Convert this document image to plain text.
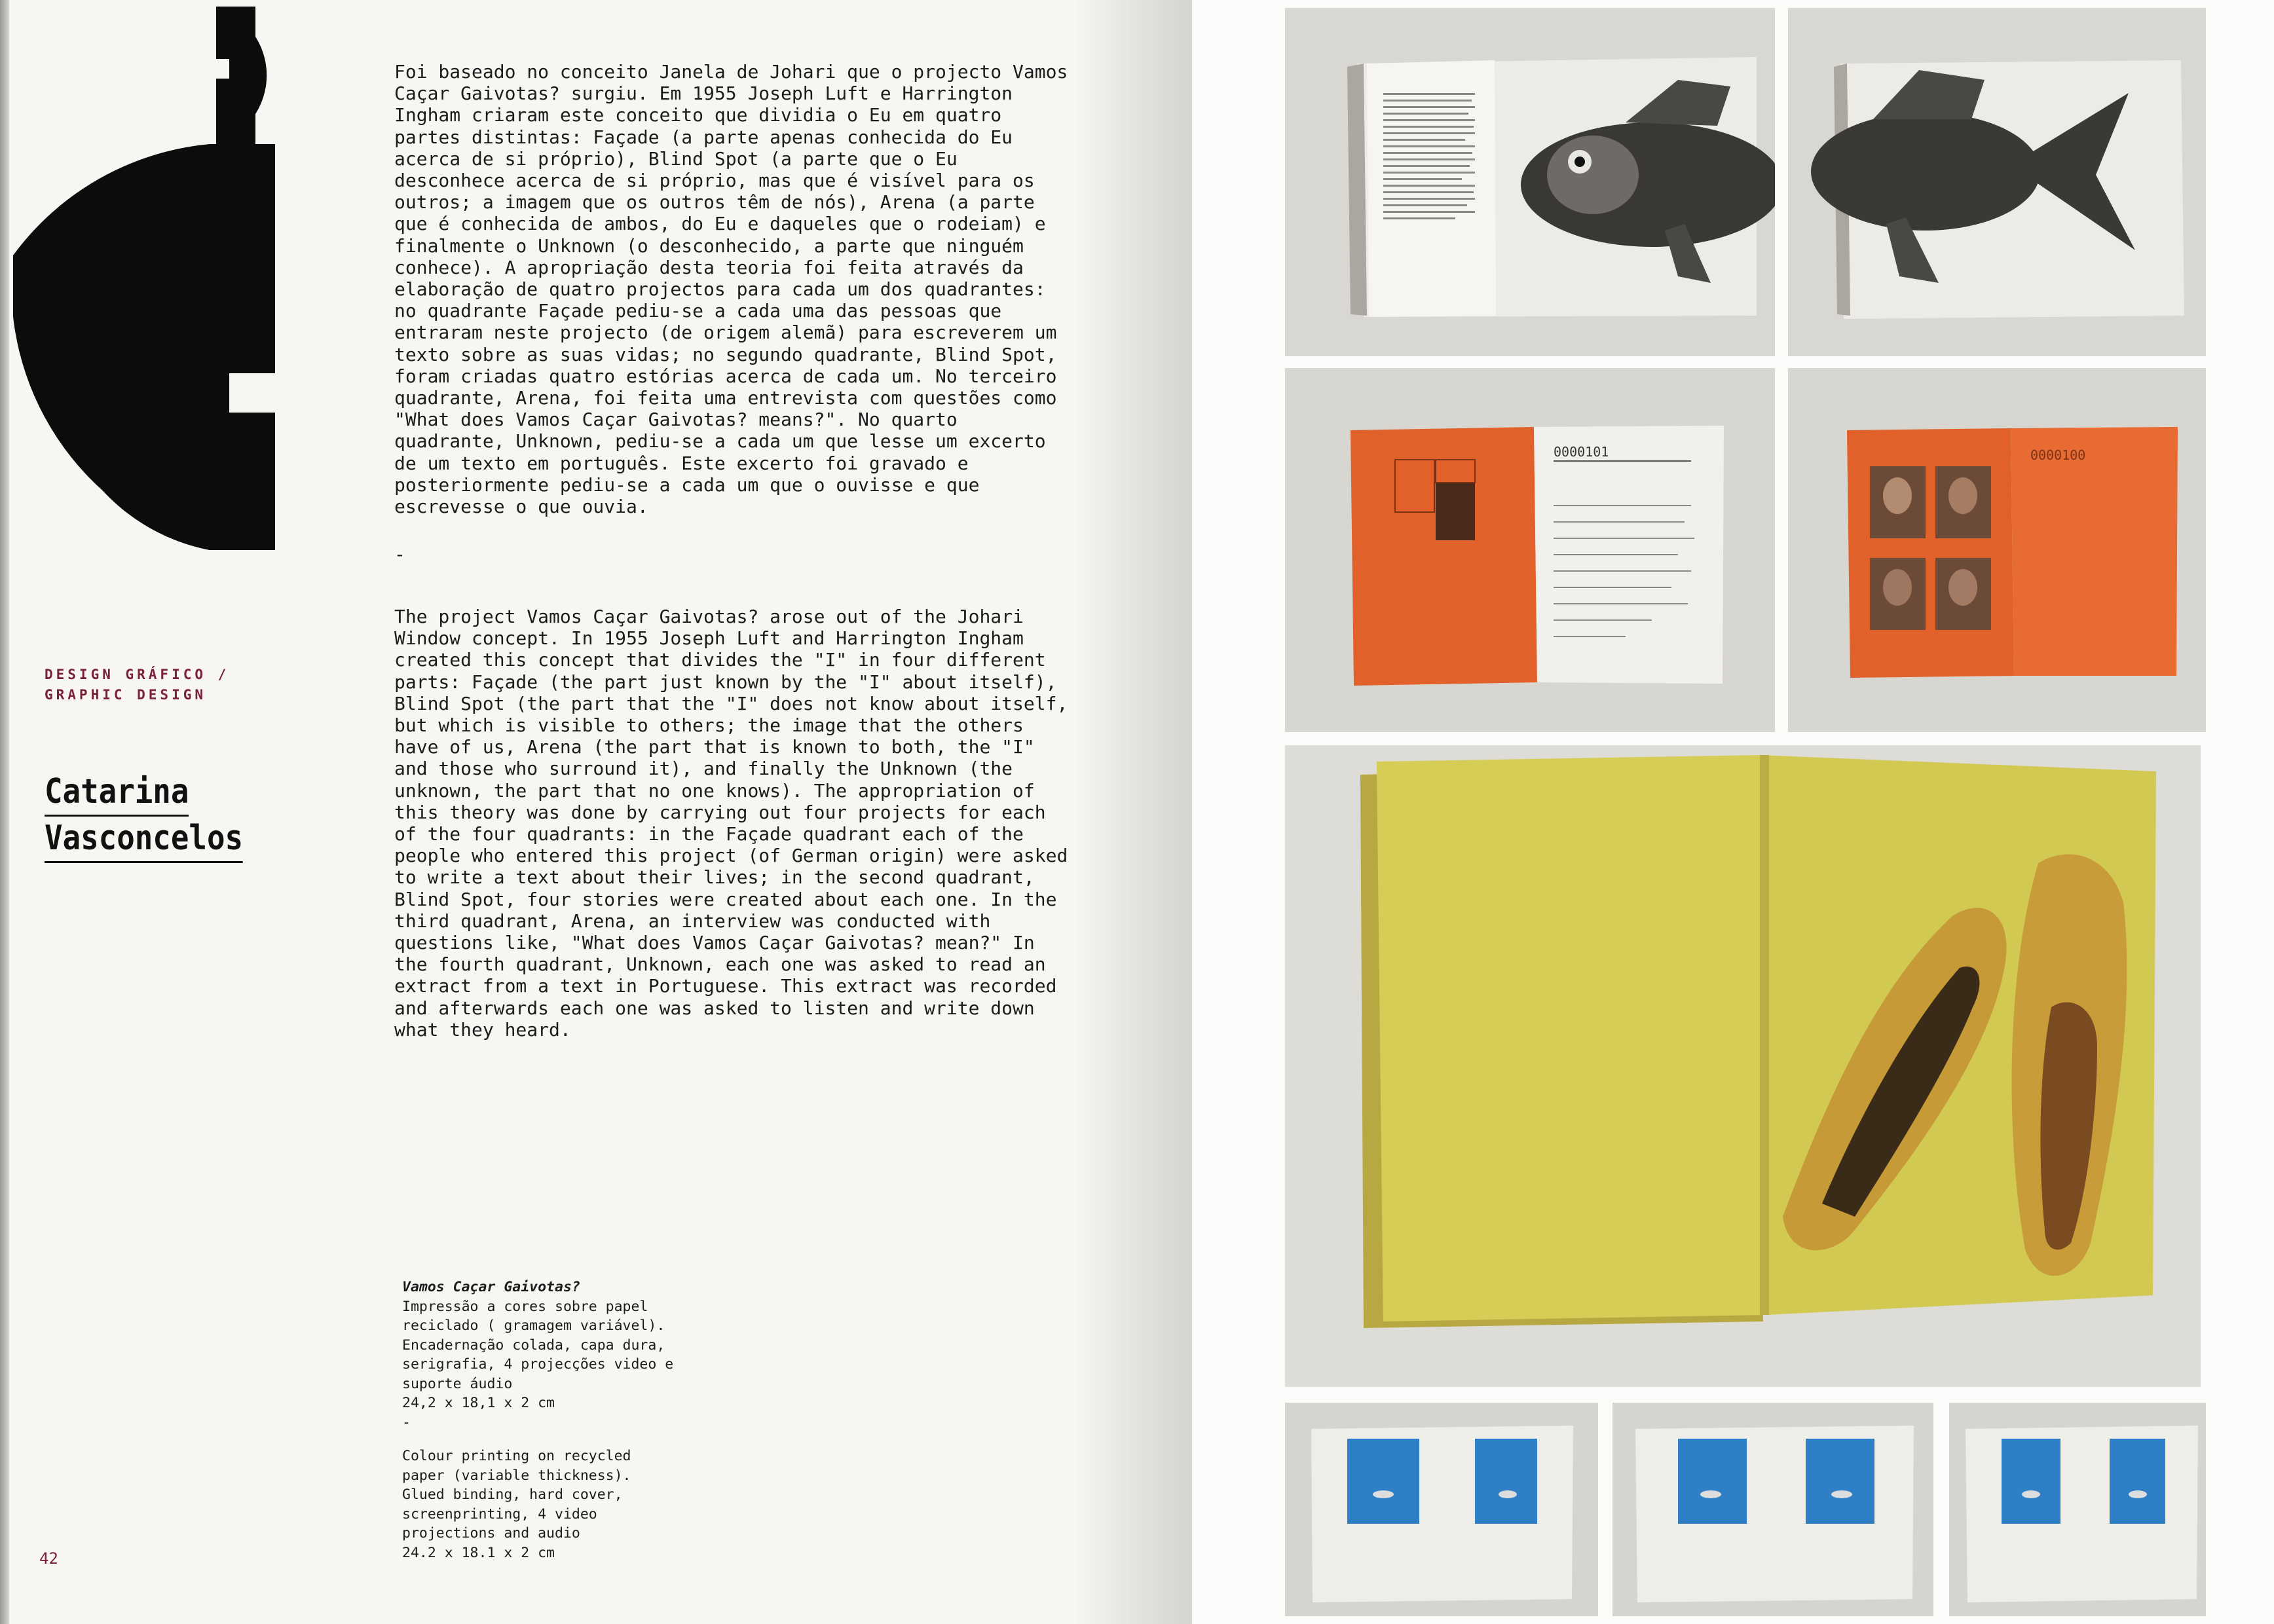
DESIGN GRÁFICO /
GRAPHIC DESIGN
Catarina
Vasconcelos

Foi baseado no conceito Janela de Johari que o projecto Vamos Caçar Gaivotas? surgiu. Em 1955 Joseph Luft e Harrington Ingham criaram este conceito que dividia o Eu em quatro partes distintas: Façade (a parte apenas conhecida do Eu acerca de si próprio), Blind Spot (a parte que o Eu desconhece acerca de si próprio, mas que é visível para os outros; a imagem que os outros têm de nós), Arena (a parte que é conhecida de ambos, do Eu e daqueles que o rodeiam) e finalmente o Unknown (o desconhecido, a parte que ninguém conhece). A apropriação desta teoria foi feita através da elaboração de quatro projectos para cada um dos quadrantes: no quadrante Façade pediu-se a cada uma das pessoas que entraram neste projecto (de origem alemã) para escreverem um texto sobre as suas vidas; no segundo quadrante, Blind Spot, foram criadas quatro estórias acerca de cada um. No terceiro quadrante, Arena, foi feita uma entrevista com questões como "What does Vamos Caçar Gaivotas? means?". No quarto quadrante, Unknown, pediu-se a cada um que lesse um excerto de um texto em português. Este excerto foi gravado e posteriormente pediu-se a cada um que o ouvisse e que escrevesse o que ouvia.

-

The project Vamos Caçar Gaivotas? arose out of the Johari Window concept. In 1955 Joseph Luft and Harrington Ingham created this concept that divides the "I" in four different parts: Façade (the part just known by the "I" about itself), Blind Spot (the part that the "I" does not know about itself, but which is visible to others; the image that the others have of us, Arena (the part that is known to both, the "I" and those who surround it), and finally the Unknown (the unknown, the part that no one knows). The appropriation of this theory was done by carrying out four projects for each of the four quadrants: in the Façade quadrant each of the people who entered this project (of German origin) were asked to write a text about their lives; in the second quadrant, Blind Spot, four stories were created about each one. In the third quadrant, Arena, an interview was conducted with questions like, "What does Vamos Caçar Gaivotas? mean?" In the fourth quadrant, Unknown, each one was asked to read an extract from a text in Portuguese. This extract was recorded and afterwards each one was asked to listen and write down what they heard.

Vamos Caçar Gaivotas?

Impressão a cores sobre papel

reciclado ( gramagem variável).

Encadernação colada, capa dura,

serigrafia, 4 projecções video e

suporte áudio

24,2 x 18,1 x 2 cm

-

Colour printing on recycled

paper (variable thickness).

Glued binding, hard cover,

screenprinting, 4 video

projections and audio

24.2 x 18.1 x 2 cm

42
0000101	0000100
